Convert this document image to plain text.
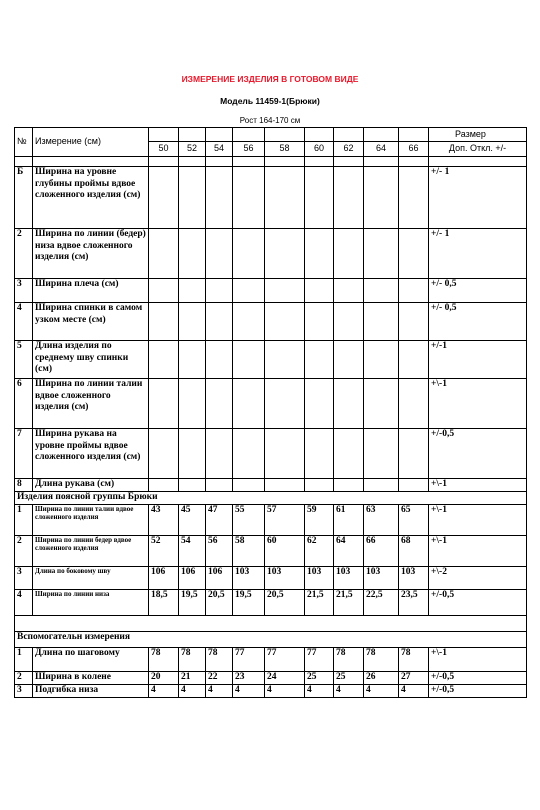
ИЗМЕРЕНИЕ ИЗДЕЛИЯ В ГОТОВОМ ВИДЕ
Модель 11459-1(Брюки)
Рост 164-170 см
№	Измерение (см)										Размер
		50	52	54	56	58	60	62	64	66	Доп. Откл. +/-

Б	Ширина на уровне глубины проймы вдвое сложенного изделия (см)										+/- 1
2	Ширина по линии (бедер) низа вдвое сложенного изделия (см)										+/- 1
3	Ширина плеча (см)										+/- 0,5
4	Ширина спинки в самом узком месте (см)										+/- 0,5
5	Длина изделия по среднему шву спинки (см)										+/-1
6	Ширина по линии талии вдвое сложенного изделия (см)										+\-1
7	Ширина рукава на уровне проймы вдвое сложенного изделия (см)										+/-0,5
8	Длина рукава (см)										+\-1
Изделия поясной группы Брюки											
1	Ширина по линии талии вдвое сложенного изделия	43	45	47	55	57	59	61	63	65	+\-1
2	Ширина по линии бедер вдвое сложенного изделия	52	54	56	58	60	62	64	66	68	+\-1
3	Длина по боковому шву	106	106	106	103	103	103	103	103	103	+\-2
4	Ширина по линии низа	18,5	19,5	20,5	19,5	20,5	21,5	21,5	22,5	23,5	+/-0,5

Вспомогательн измерения											
1	Длина по шаговому	78	78	78	77	77	77	78	78	78	+\-1
2	Ширина в колене	20	21	22	23	24	25	25	26	27	+/-0,5
3	Подгибка низа	4	4	4	4	4	4	4	4	4	+/-0,5
